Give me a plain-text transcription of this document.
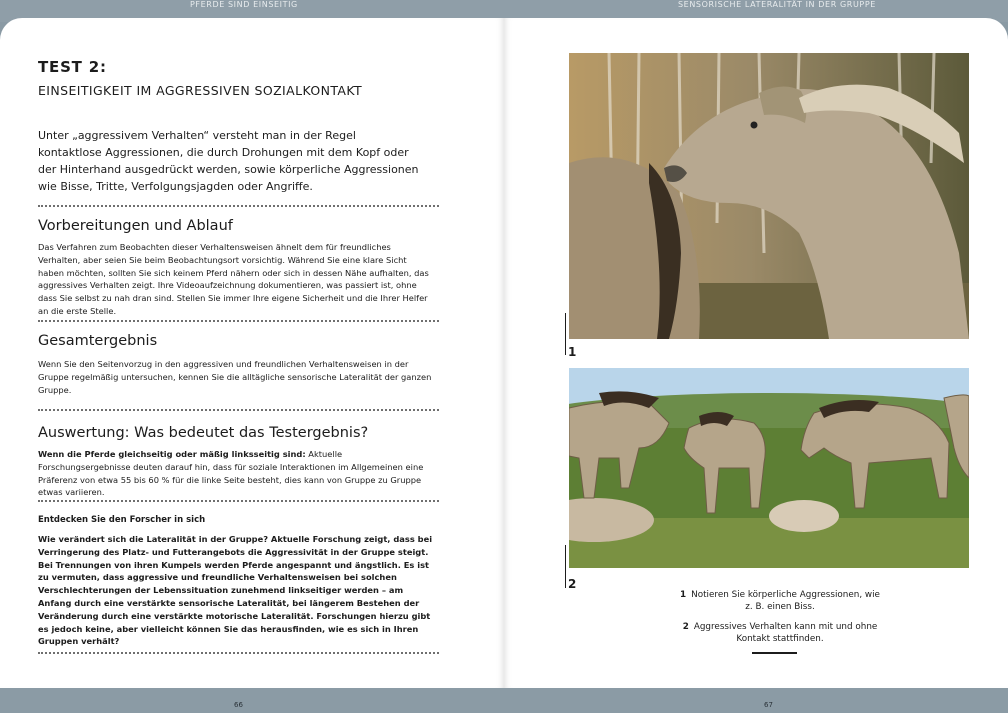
PFERDE SIND EINSEITIG	SENSORISCHE LATERALITÄT IN DER GRUPPE
TEST 2:
EINSEITIGKEIT IM AGGRESSIVEN SOZIALKONTAKT
Unter „aggressivem Verhalten“ versteht man in der Regel kontaktlose Aggressionen, die durch Drohungen mit dem Kopf oder der Hinterhand ausgedrückt werden, sowie körperliche Aggressionen wie Bisse, Tritte, Verfolgungsjagden oder Angriffe.
Vorbereitungen und Ablauf
Das Verfahren zum Beobachten dieser Verhaltensweisen ähnelt dem für freundliches Verhalten, aber seien Sie beim Beobachtungsort vorsichtig. Während Sie eine klare Sicht haben möchten, sollten Sie sich keinem Pferd nähern oder sich in dessen Nähe aufhalten, das aggressives Verhalten zeigt. Ihre Videoaufzeichnung dokumentieren, was passiert ist, ohne dass Sie selbst zu nah dran sind. Stellen Sie immer Ihre eigene Sicherheit und die Ihrer Helfer an die erste Stelle.
Gesamtergebnis
Wenn Sie den Seitenvorzug in den aggressiven und freundlichen Verhaltensweisen in der Gruppe regelmäßig untersuchen, kennen Sie die alltägliche sensorische Lateralität der ganzen Gruppe.
Auswertung: Was bedeutet das Testergebnis?
Wenn die Pferde gleichseitig oder mäßig linksseitig sind: Aktuelle Forschungsergebnisse deuten darauf hin, dass für soziale Interaktionen im Allgemeinen eine Präferenz von etwa 55 bis 60 % für die linke Seite besteht, dies kann von Gruppe zu Gruppe etwas variieren.
Entdecken Sie den Forscher in sich
Wie verändert sich die Lateralität in der Gruppe? Aktuelle Forschung zeigt, dass bei Verringerung des Platz- und Futterangebots die Aggressivität in der Gruppe steigt. Bei Trennungen von ihren Kumpels werden Pferde angespannt und ängstlich. Es ist zu vermuten, dass aggressive und freundliche Verhaltensweisen bei solchen Verschlechterungen der Lebenssituation zunehmend linkseitiger werden – am Anfang durch eine verstärkte sensorische Lateralität, bei längerem Bestehen der Veränderung durch eine verstärkte motorische Lateralität. Forschungen hierzu gibt es jedoch keine, aber vielleicht können Sie das herausfinden, wie es sich in Ihren Gruppen verhält?
1
2
1 Notieren Sie körperliche Aggressionen, wie z. B. einen Biss.
2 Aggressives Verhalten kann mit und ohne Kontakt stattfinden.
66	67
